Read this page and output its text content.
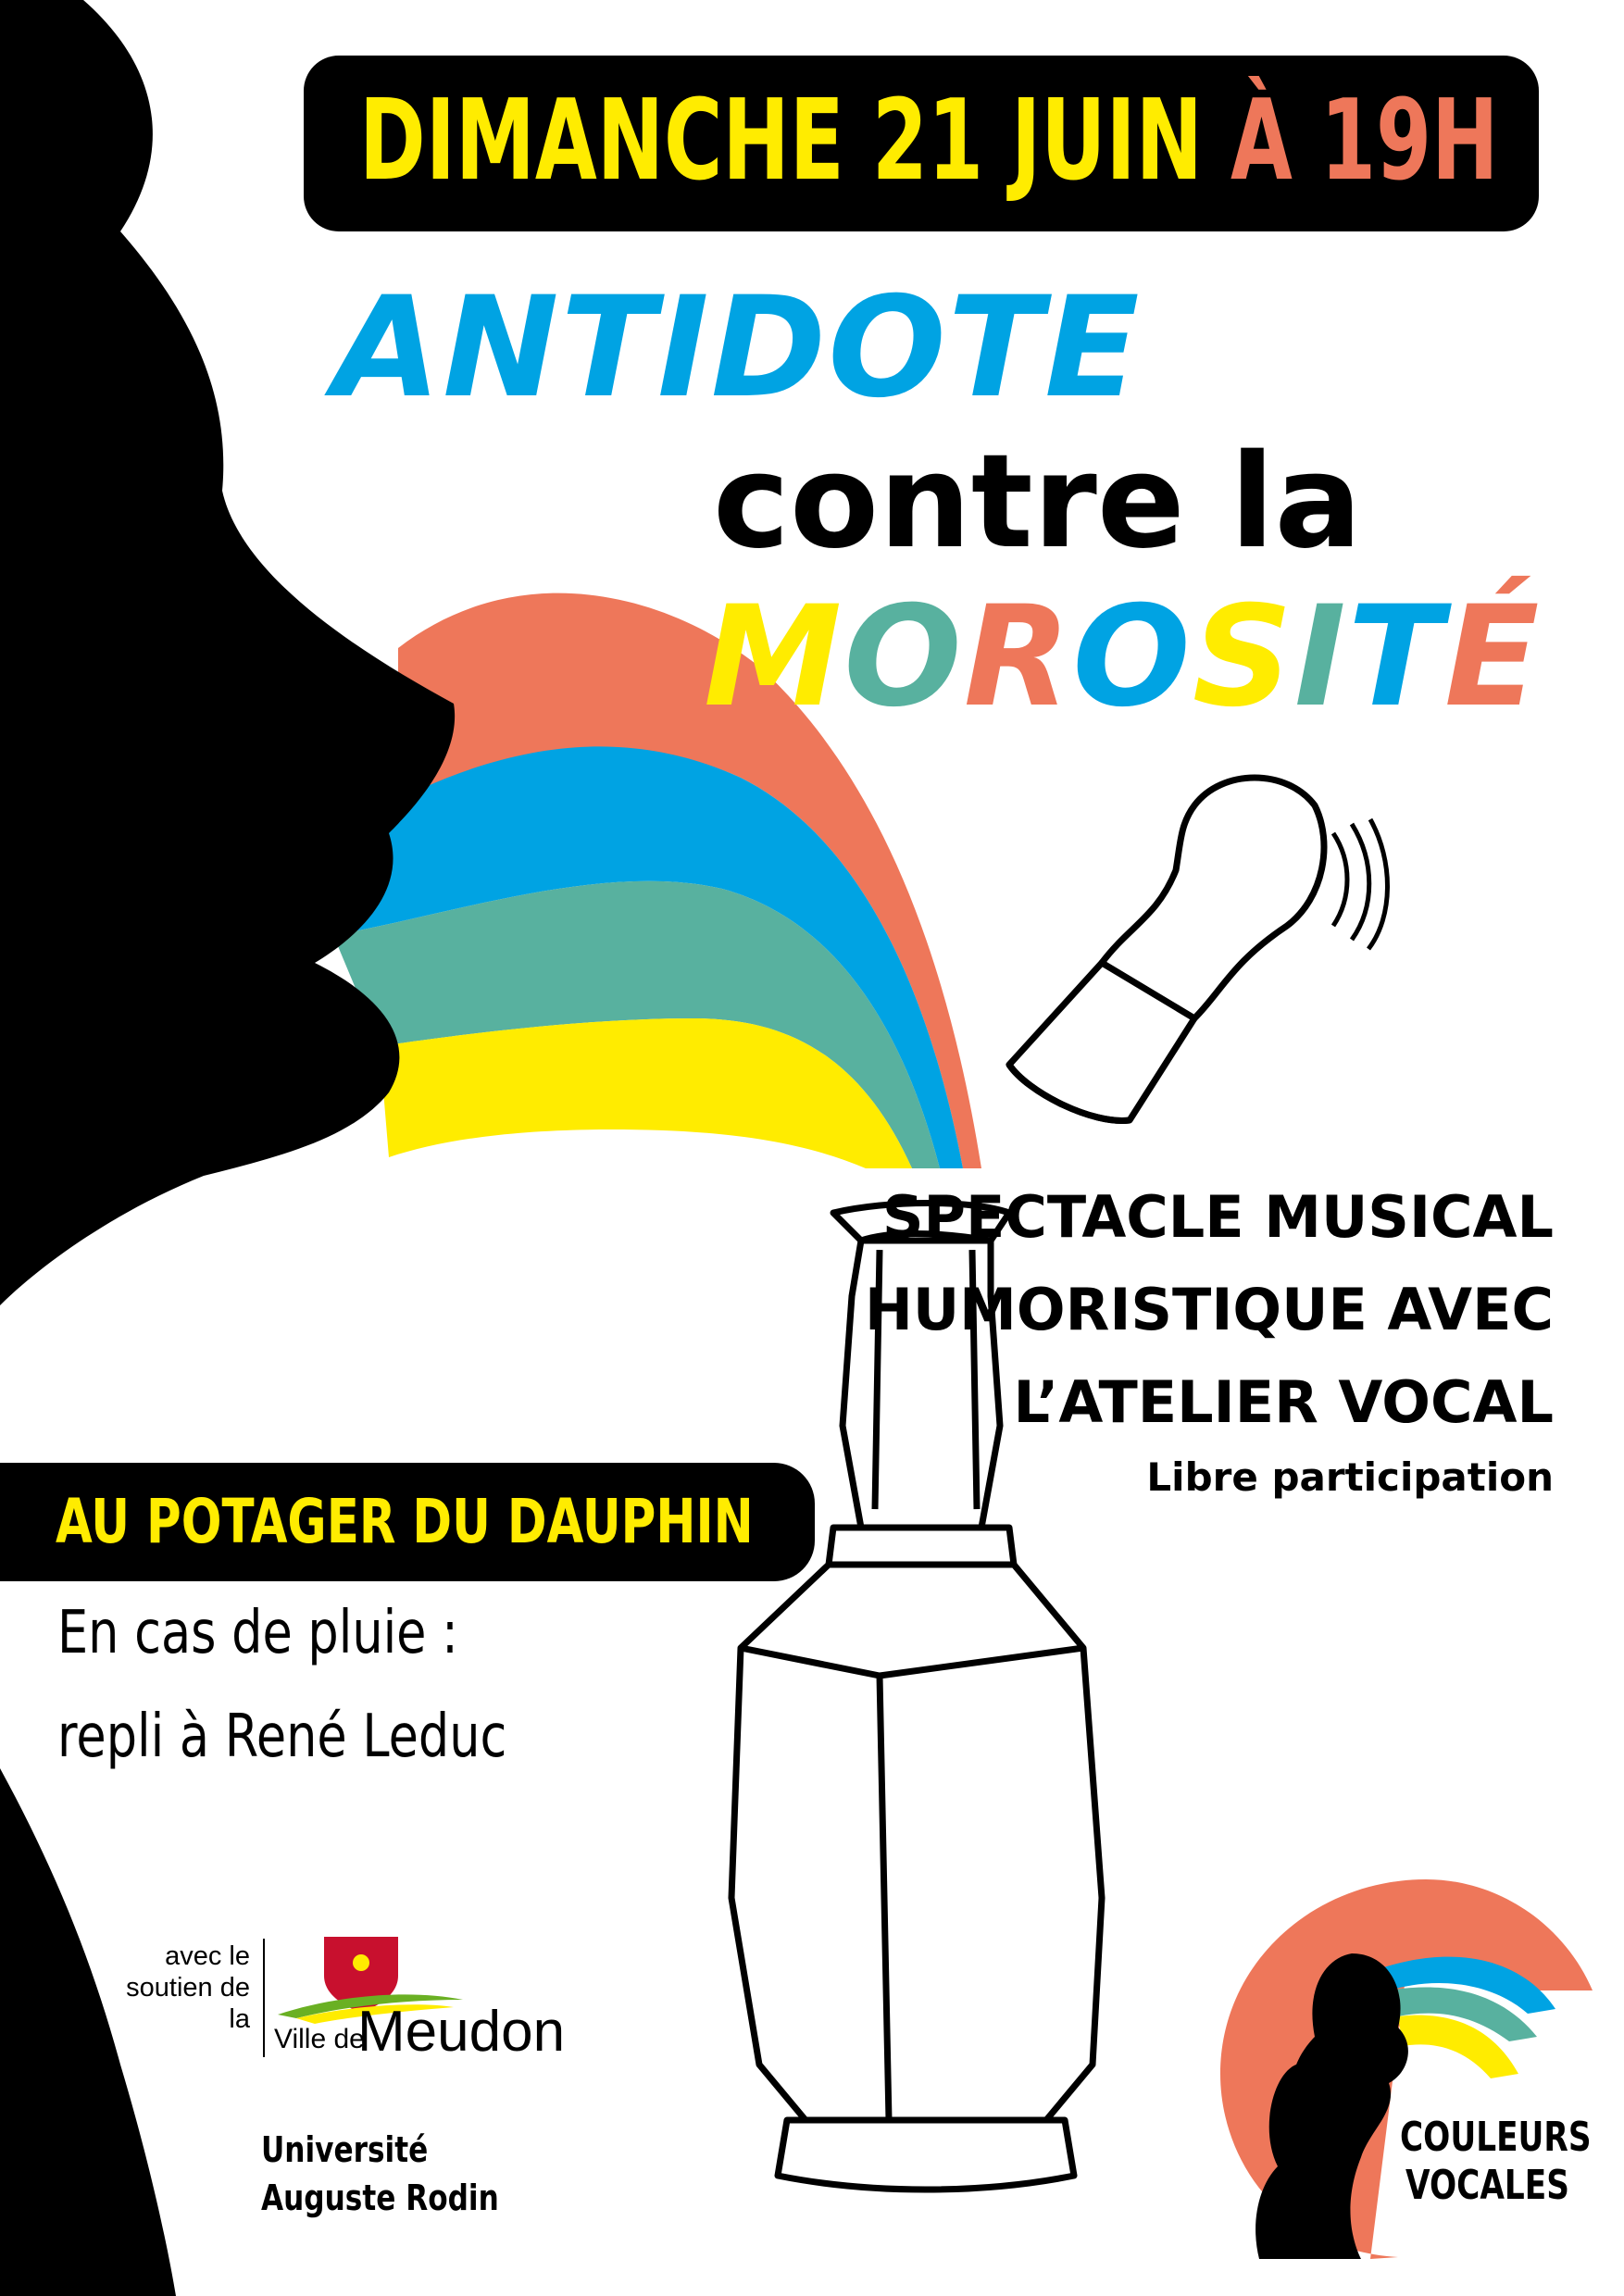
DIMANCHE 21 JUIN À 19H
ANTIDOTE
contre la
MOROSITÉ
SPECTACLE MUSICAL
HUMORISTIQUE AVEC
L’ATELIER VOCAL
Libre participation
AU POTAGER DU DAUPHIN
En cas de pluie :
repli à René Leduc
avec le soutien de la
Ville de
Meudon
Université
Auguste Rodin
COULEURS
VOCALES
